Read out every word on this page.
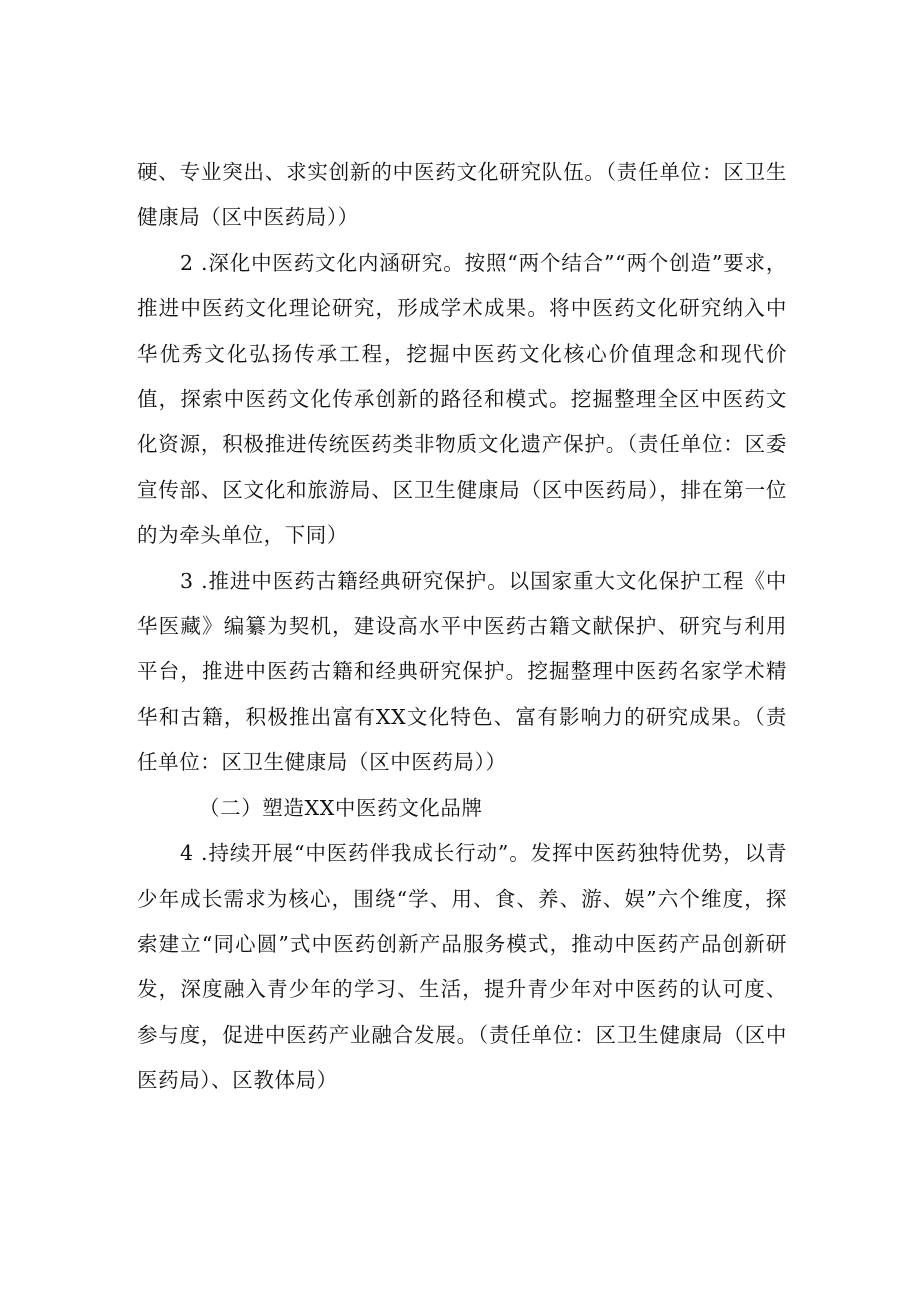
硬、专业突出、求实创新的中医药文化研究队伍。（责任单位：区卫生健康局（区中医药局））

2 .深化中医药文化内涵研究。按照“两个结合”“两个创造”要求，推进中医药文化理论研究，形成学术成果。将中医药文化研究纳入中华优秀文化弘扬传承工程，挖掘中医药文化核心价值理念和现代价值，探索中医药文化传承创新的路径和模式。挖掘整理全区中医药文化资源，积极推进传统医药类非物质文化遗产保护。（责任单位：区委宣传部、区文化和旅游局、区卫生健康局（区中医药局），排在第一位的为牵头单位，下同）

3 .推进中医药古籍经典研究保护。以国家重大文化保护工程《中华医藏》编纂为契机，建设高水平中医药古籍文献保护、研究与利用平台，推进中医药古籍和经典研究保护。挖掘整理中医药名家学术精华和古籍，积极推出富有XX文化特色、富有影响力的研究成果。（责任单位：区卫生健康局（区中医药局））

（二）塑造XX中医药文化品牌

4 .持续开展“中医药伴我成长行动”。发挥中医药独特优势，以青少年成长需求为核心，围绕“学、用、食、养、游、娱”六个维度，探索建立“同心圆”式中医药创新产品服务模式，推动中医药产品创新研发，深度融入青少年的学习、生活，提升青少年对中医药的认可度、参与度，促进中医药产业融合发展。（责任单位：区卫生健康局（区中医药局）、区教体局）
